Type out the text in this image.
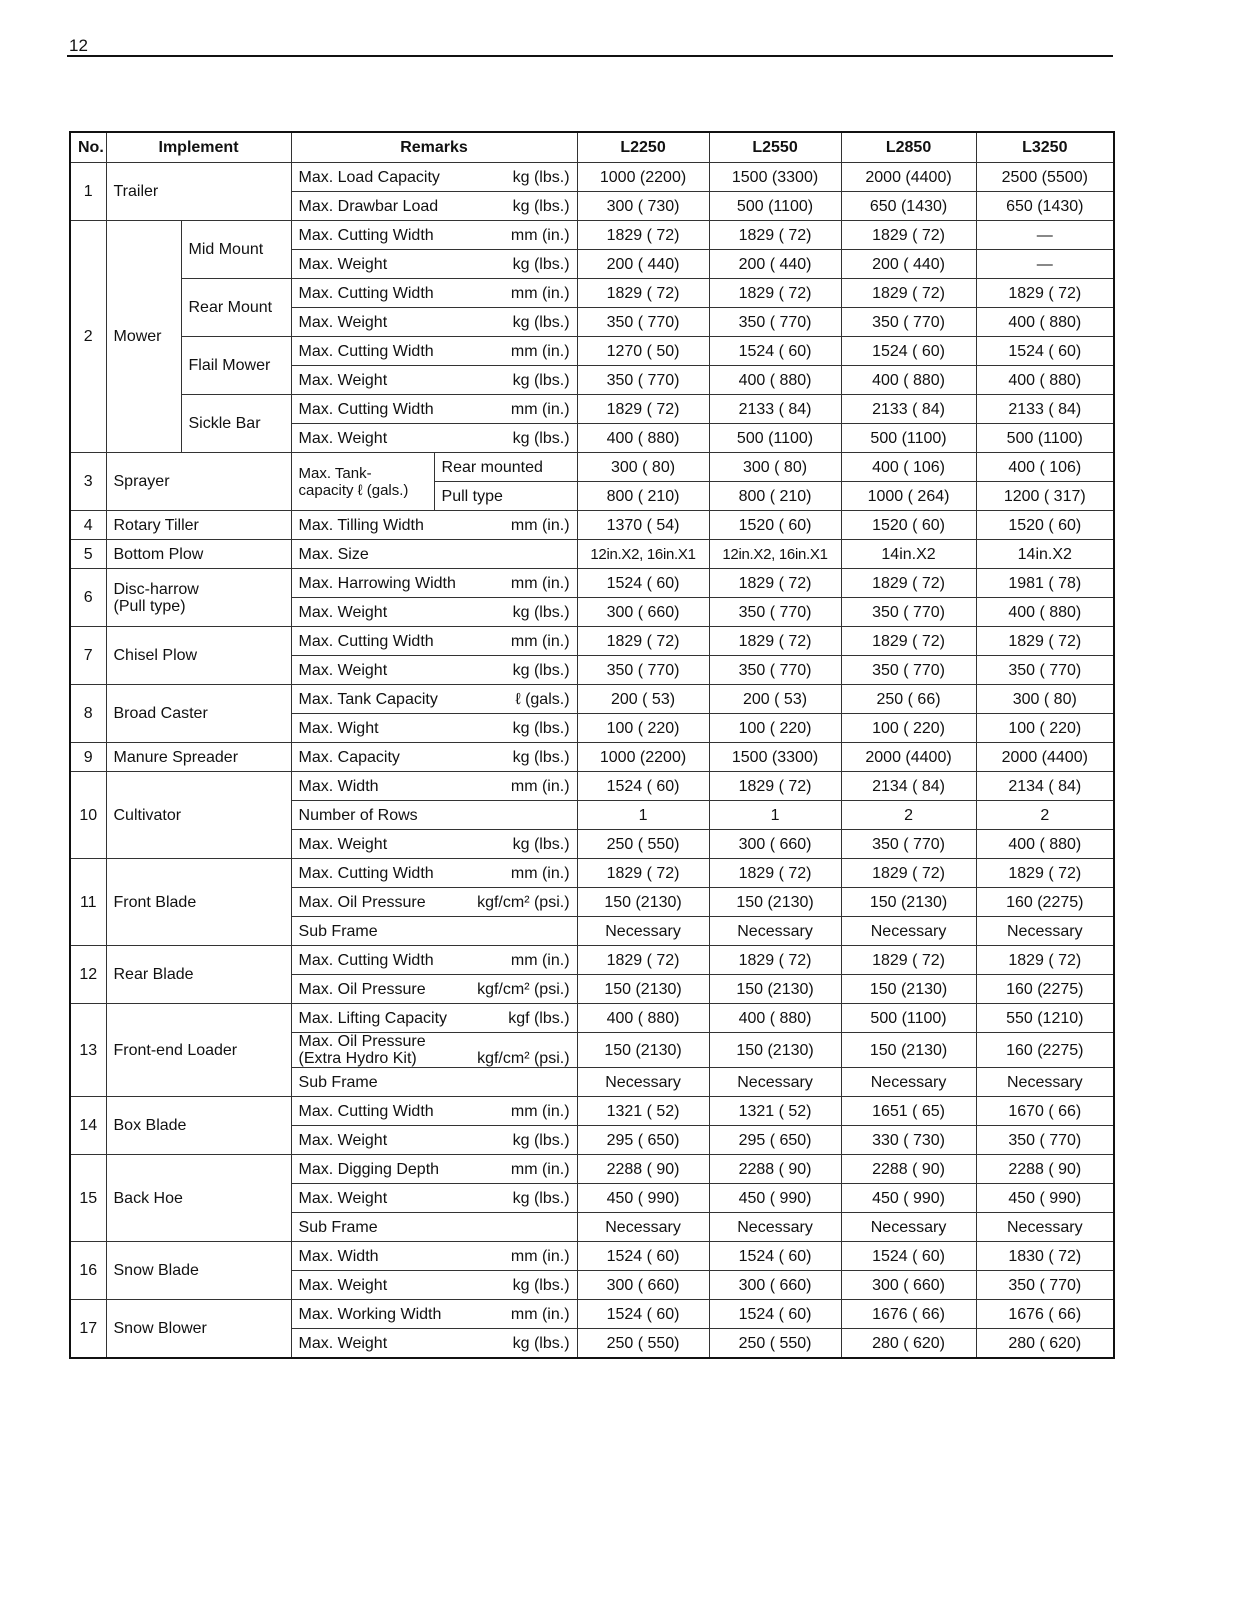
12
No.	Implement		Remarks		L2250	L2550	L2850	L3250
1	Trailer		Max. Load Capacity kg (lbs.)		1000 (2200)	1500 (3300)	2000 (4400)	2500 (5500)

			Max. Drawbar Load kg (lbs.)		300 ( 730)	500 (1100)	650 (1430)	650 (1430)
2	Mower	Mid Mount	Max. Cutting Width mm (in.)		1829 ( 72)	1829 ( 72)	1829 ( 72)	—

			Max. Weight kg (lbs.)		200 ( 440)	200 ( 440)	200 ( 440)	—
		Rear Mount	Max. Cutting Width mm (in.)		1829 ( 72)	1829 ( 72)	1829 ( 72)	1829 ( 72)

			Max. Weight kg (lbs.)		350 ( 770)	350 ( 770)	350 ( 770)	400 ( 880)
		Flail Mower	Max. Cutting Width mm (in.)		1270 ( 50)	1524 ( 60)	1524 ( 60)	1524 ( 60)

			Max. Weight kg (lbs.)		350 ( 770)	400 ( 880)	400 ( 880)	400 ( 880)
		Sickle Bar	Max. Cutting Width mm (in.)		1829 ( 72)	2133 ( 84)	2133 ( 84)	2133 ( 84)

			Max. Weight kg (lbs.)		400 ( 880)	500 (1100)	500 (1100)	500 (1100)
3	Sprayer		Max. Tank-
capacity ℓ (gals.)	Rear mounted	300 ( 80)	300 ( 80)	400 ( 106)	400 ( 106)
				Pull type	800 ( 210)	800 ( 210)	1000 ( 264)	1200 ( 317)
4	Rotary Tiller		Max. Tilling Width mm (in.)		1370 ( 54)	1520 ( 60)	1520 ( 60)	1520 ( 60)
5	Bottom Plow		Max. Size		12in.X2, 16in.X1	12in.X2, 16in.X1	14in.X2	14in.X2
6	Disc-harrow
(Pull type)		Max. Harrowing Width mm (in.)		1524 ( 60)	1829 ( 72)	1829 ( 72)	1981 ( 78)

			Max. Weight kg (lbs.)		300 ( 660)	350 ( 770)	350 ( 770)	400 ( 880)
7	Chisel Plow		Max. Cutting Width mm (in.)		1829 ( 72)	1829 ( 72)	1829 ( 72)	1829 ( 72)

			Max. Weight kg (lbs.)		350 ( 770)	350 ( 770)	350 ( 770)	350 ( 770)
8	Broad Caster		Max. Tank Capacity ℓ (gals.)		200 ( 53)	200 ( 53)	250 ( 66)	300 ( 80)

			Max. Wight kg (lbs.)		100 ( 220)	100 ( 220)	100 ( 220)	100 ( 220)
9	Manure Spreader		Max. Capacity kg (lbs.)		1000 (2200)	1500 (3300)	2000 (4400)	2000 (4400)
10	Cultivator		Max. Width mm (in.)		1524 ( 60)	1829 ( 72)	2134 ( 84)	2134 ( 84)

			Number of Rows		1	1	2	2

			Max. Weight kg (lbs.)		250 ( 550)	300 ( 660)	350 ( 770)	400 ( 880)
11	Front Blade		Max. Cutting Width mm (in.)		1829 ( 72)	1829 ( 72)	1829 ( 72)	1829 ( 72)

			Max. Oil Pressure kgf/cm² (psi.)		150 (2130)	150 (2130)	150 (2130)	160 (2275)

			Sub Frame		Necessary	Necessary	Necessary	Necessary
12	Rear Blade		Max. Cutting Width mm (in.)		1829 ( 72)	1829 ( 72)	1829 ( 72)	1829 ( 72)

			Max. Oil Pressure kgf/cm² (psi.)		150 (2130)	150 (2130)	150 (2130)	160 (2275)
13	Front-end Loader		Max. Lifting Capacity kgf (lbs.)		400 ( 880)	400 ( 880)	500 (1100)	550 (1210)

			Max. Oil Pressure
(Extra Hydro Kit) kgf/cm² (psi.)		150 (2130)	150 (2130)	150 (2130)	160 (2275)

			Sub Frame		Necessary	Necessary	Necessary	Necessary
14	Box Blade		Max. Cutting Width mm (in.)		1321 ( 52)	1321 ( 52)	1651 ( 65)	1670 ( 66)

			Max. Weight kg (lbs.)		295 ( 650)	295 ( 650)	330 ( 730)	350 ( 770)
15	Back Hoe		Max. Digging Depth mm (in.)		2288 ( 90)	2288 ( 90)	2288 ( 90)	2288 ( 90)

			Max. Weight kg (lbs.)		450 ( 990)	450 ( 990)	450 ( 990)	450 ( 990)

			Sub Frame		Necessary	Necessary	Necessary	Necessary
16	Snow Blade		Max. Width mm (in.)		1524 ( 60)	1524 ( 60)	1524 ( 60)	1830 ( 72)

			Max. Weight kg (lbs.)		300 ( 660)	300 ( 660)	300 ( 660)	350 ( 770)
17	Snow Blower		Max. Working Width mm (in.)		1524 ( 60)	1524 ( 60)	1676 ( 66)	1676 ( 66)

			Max. Weight kg (lbs.)		250 ( 550)	250 ( 550)	280 ( 620)	280 ( 620)
